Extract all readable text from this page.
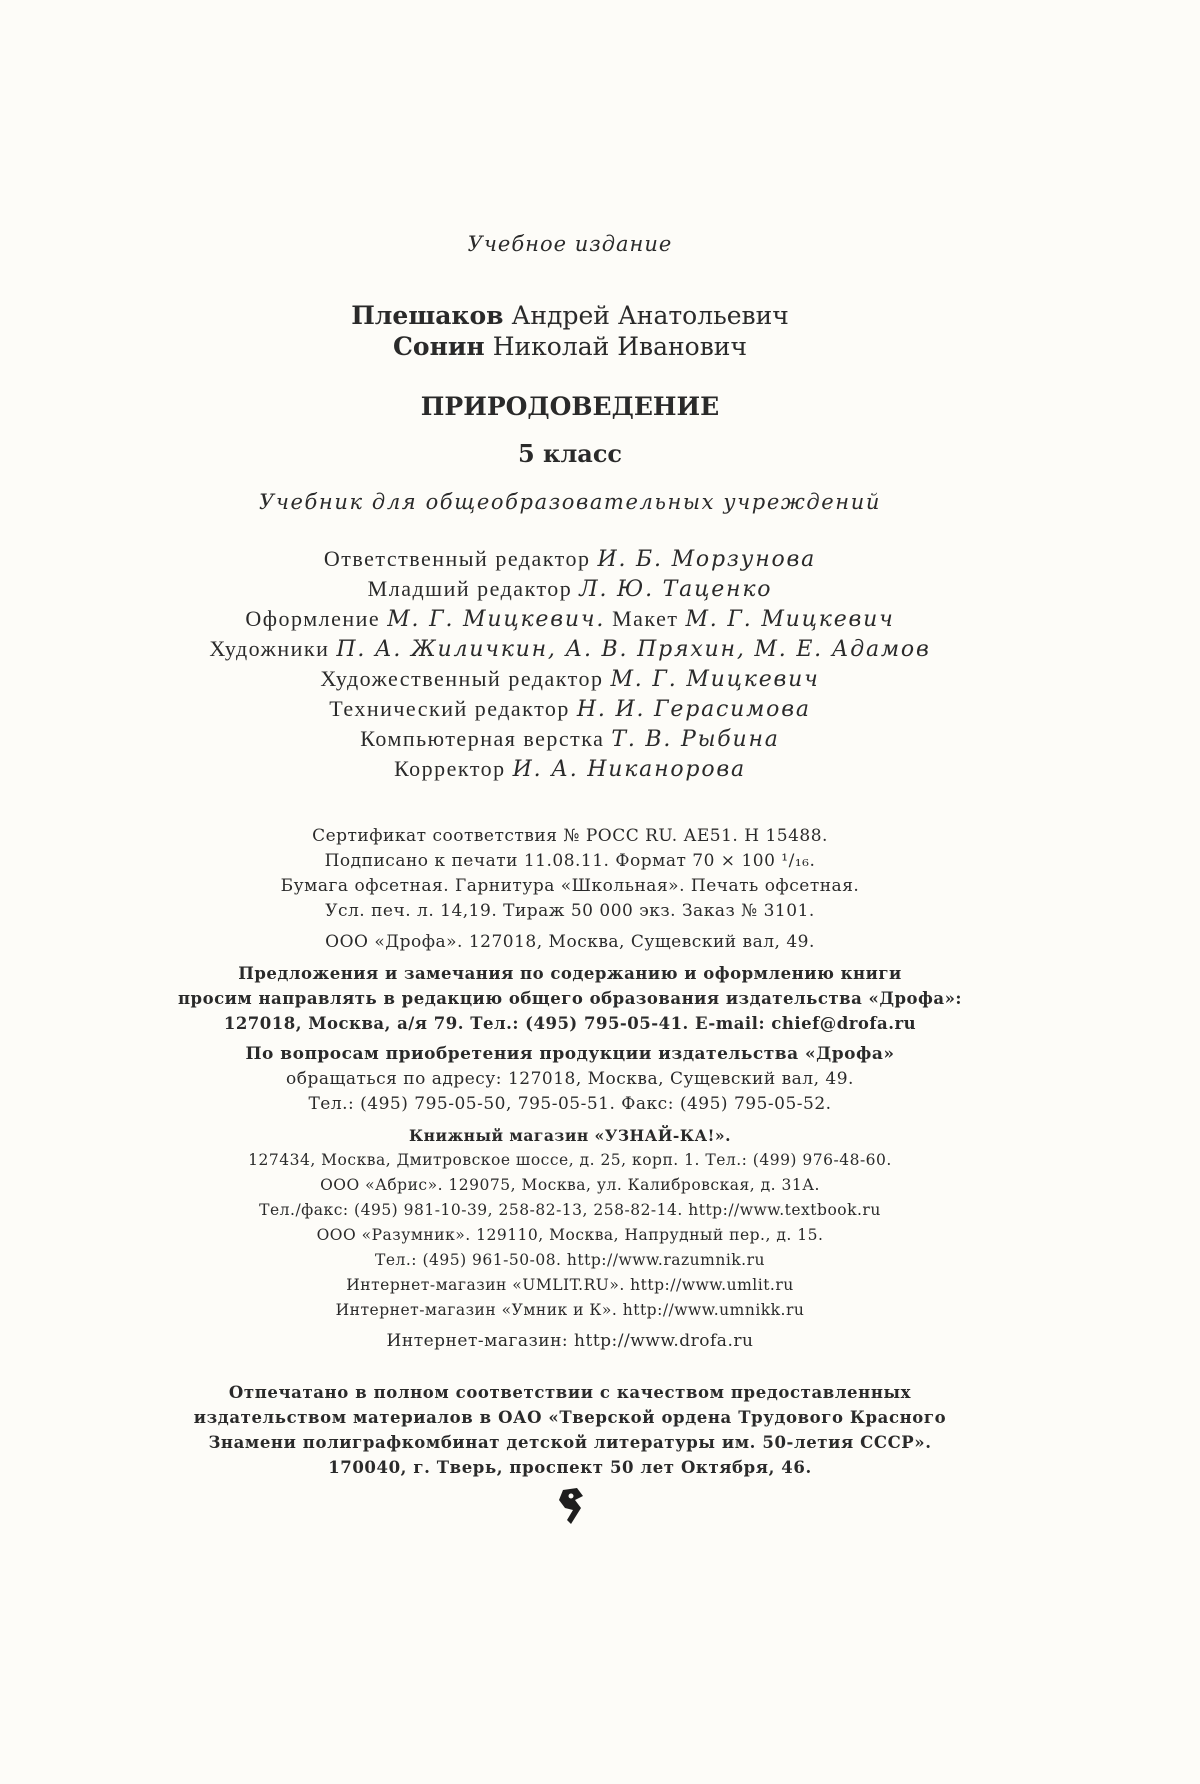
Учебное издание
Плешаков Андрей Анатольевич
Сонин Николай Иванович
ПРИРОДОВЕДЕНИЕ
5 класс
Учебник для общеобразовательных учреждений
Ответственный редактор И. Б. Морзунова
Младший редактор Л. Ю. Таценко
Оформление М. Г. Мицкевич. Макет М. Г. Мицкевич
Художники П. А. Жиличкин, А. В. Пряхин, М. Е. Адамов
Художественный редактор М. Г. Мицкевич
Технический редактор Н. И. Герасимова
Компьютерная верстка Т. В. Рыбина
Корректор И. А. Никанорова
Сертификат соответствия № РОСС RU. АЕ51. Н 15488.
Подписано к печати 11.08.11. Формат 70 × 100 ¹/₁₆.
Бумага офсетная. Гарнитура «Школьная». Печать офсетная.
Усл. печ. л. 14,19. Тираж 50 000 экз. Заказ № 3101.
ООО «Дрофа». 127018, Москва, Сущевский вал, 49.
Предложения и замечания по содержанию и оформлению книги
просим направлять в редакцию общего образования издательства «Дрофа»:
127018, Москва, а/я 79. Тел.: (495) 795-05-41. E-mail: chief@drofa.ru
По вопросам приобретения продукции издательства «Дрофа»
обращаться по адресу: 127018, Москва, Сущевский вал, 49.
Тел.: (495) 795-05-50, 795-05-51. Факс: (495) 795-05-52.
Книжный магазин «УЗНАЙ-КА!».
127434, Москва, Дмитровское шоссе, д. 25, корп. 1. Тел.: (499) 976-48-60.
ООО «Абрис». 129075, Москва, ул. Калибровская, д. 31А.
Тел./факс: (495) 981-10-39, 258-82-13, 258-82-14. http://www.textbook.ru
ООО «Разумник». 129110, Москва, Напрудный пер., д. 15.
Тел.: (495) 961-50-08. http://www.razumnik.ru
Интернет-магазин «UMLIT.RU». http://www.umlit.ru
Интернет-магазин «Умник и К». http://www.umnikk.ru
Интернет-магазин: http://www.drofa.ru
Отпечатано в полном соответствии с качеством предоставленных
издательством материалов в ОАО «Тверской ордена Трудового Красного
Знамени полиграфкомбинат детской литературы им. 50-летия СССР».
170040, г. Тверь, проспект 50 лет Октября, 46.
